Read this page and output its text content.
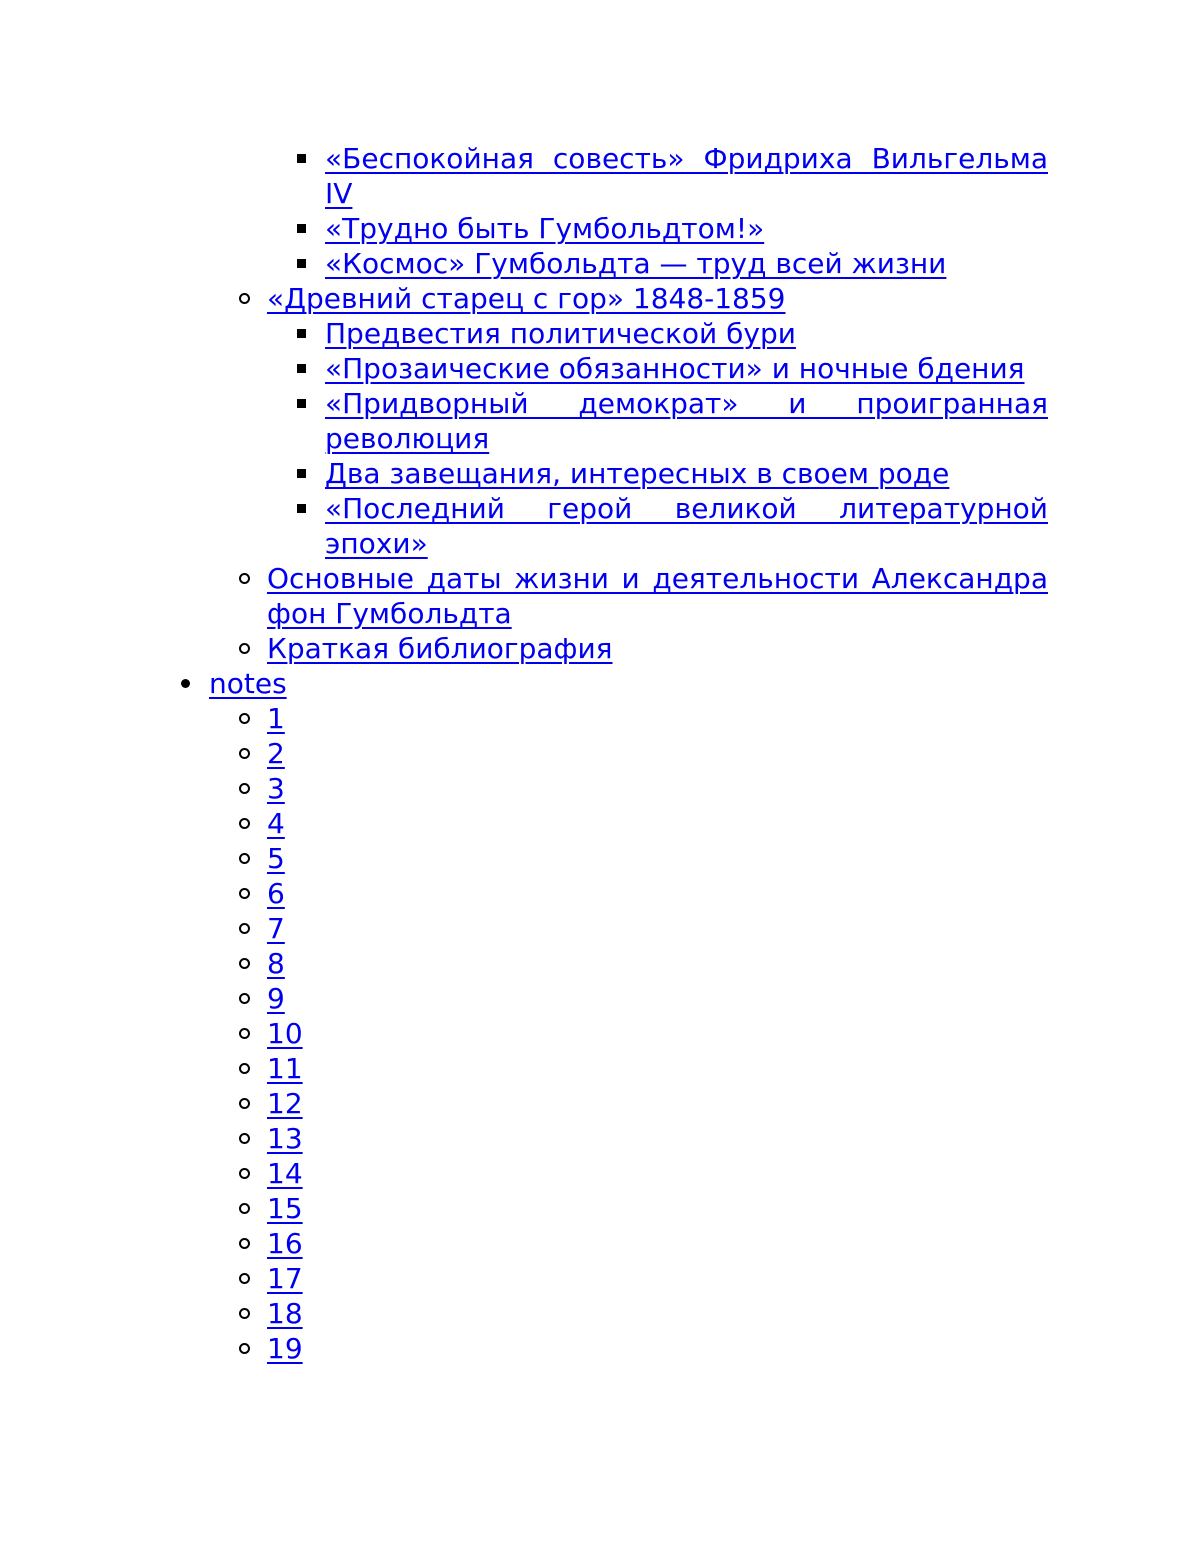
«Беспокойная совесть» Фридриха Вильгельма IV
«Трудно быть Гумбольдтом!»
«Космос» Гумбольдта — труд всей жизни
«Древний старец с гор» 1848-1859
Предвестия политической бури
«Прозаические обязанности» и ночные бдения
«Придворный демократ» и проигранная революция
Два завещания, интересных в своем роде
«Последний герой великой литературной эпохи»
Основные даты жизни и деятельности Александра фон Гумбольдта
Краткая библиография
notes
1
2
3
4
5
6
7
8
9
10
11
12
13
14
15
16
17
18
19
